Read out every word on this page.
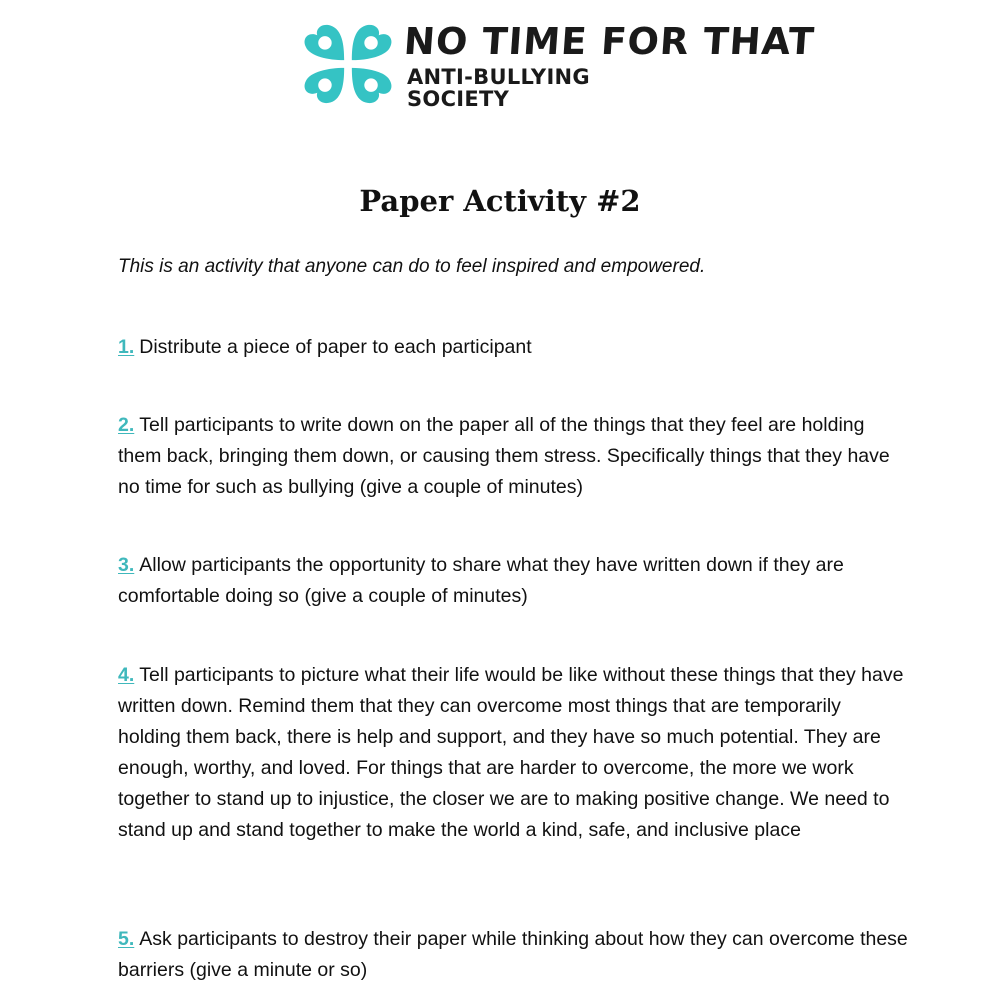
NO TIME FOR THAT
ANTI-BULLYING
SOCIETY
Paper Activity #2
This is an activity that anyone can do to feel inspired and empowered.
1. Distribute a piece of paper to each participant
2. Tell participants to write down on the paper all of the things that they feel are holding them back, bringing them down, or causing them stress. Specifically things that they have no time for such as bullying (give a couple of minutes)
3. Allow participants the opportunity to share what they have written down if they are comfortable doing so (give a couple of minutes)
4. Tell participants to picture what their life would be like without these things that they have written down. Remind them that they can overcome most things that are temporarily holding them back, there is help and support, and they have so much potential. They are enough, worthy, and loved. For things that are harder to overcome, the more we work together to stand up to injustice, the closer we are to making positive change. We need to stand up and stand together to make the world a kind, safe, and inclusive place
5. Ask participants to destroy their paper while thinking about how they can overcome these barriers (give a minute or so)
